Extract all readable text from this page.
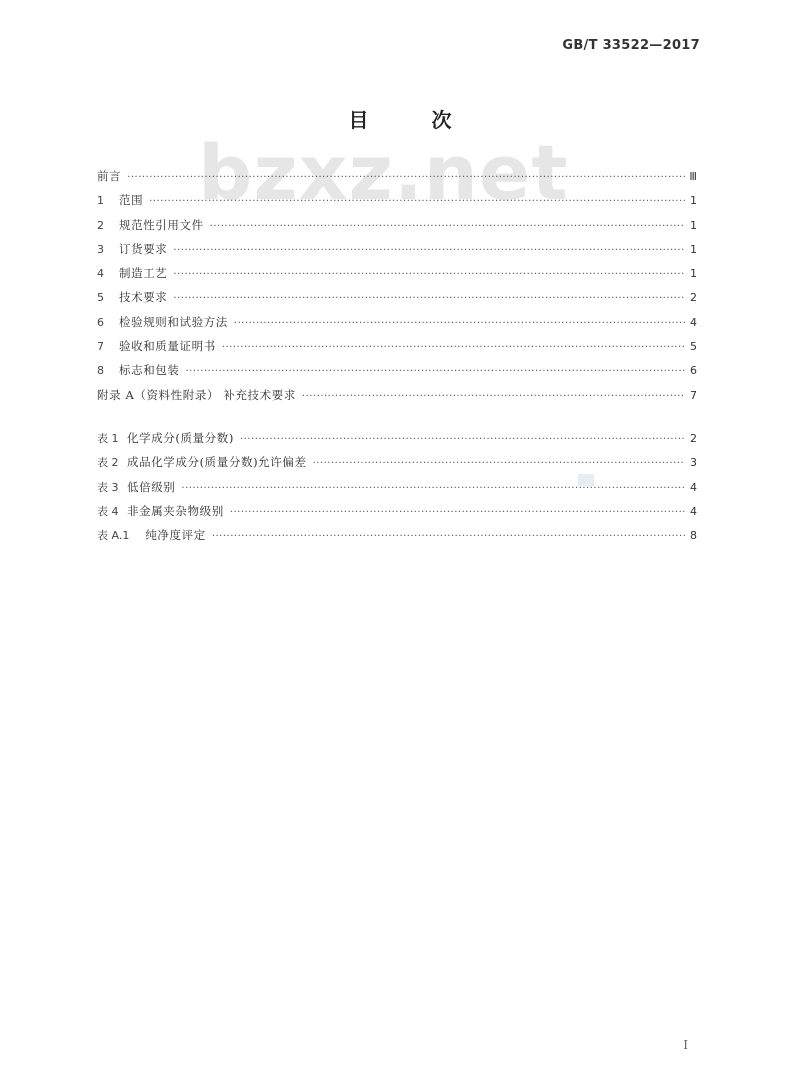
GB/T 33522—2017
bzxz.net
目 次
前言 ·····	Ⅲ
1	范围 ·····	1
2	规范性引用文件 ·····	1
3	订货要求 ·····	1
4	制造工艺 ·····	1
5	技术要求 ·····	2
6	检验规则和试验方法 ·····	4
7	验收和质量证明书 ·····	5
8	标志和包装 ·····	6
附录 A（资料性附录） 补充技术要求 ·····	7
表 1 化学成分(质量分数) ·····	2
表 2 成品化学成分(质量分数)允许偏差 ·····	3
表 3 低倍级别 ·····	4
表 4 非金属夹杂物级别 ·····	4
表 A.1 纯净度评定 ·····	8
I
